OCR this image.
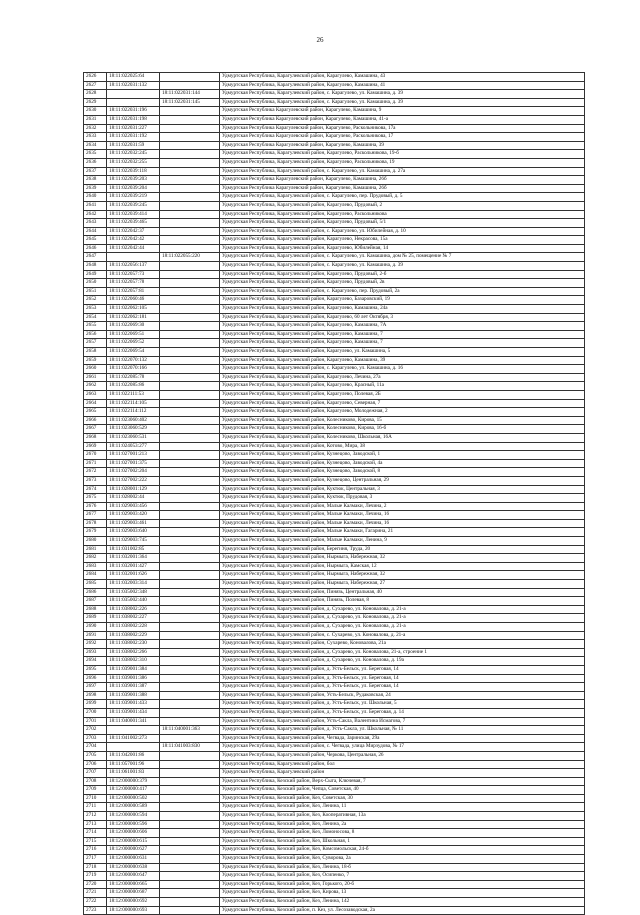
26
2626	18:11:022025:64		Удмуртская Республика, Карагулевский район, Карагулево, Камашина, 43
2627	18:11:022031:132		Удмуртская Республика, Карагулевский район, Карагулево, Камашина, 41
2628		18:11:022031:144	Удмуртская Республика, Карагулевский район, с. Карагулево, ул. Камашина, д. 39
2629		18:11:022031:145	Удмуртская Республика, Карагулевский район, с. Карагулево, ул. Камашина, д. 39
2630	18:11:022031:196		Удмуртская Республика Карагулевский район, Карагулево, Камашина, 9
2631	18:11:022031:198		Удмуртская Республика Карагулевский район, Карагулево, Камашина, 41-а
2632	18:11:022031:227		Удмуртская Республика Карагулевский район, Карагулево, Раскольникова, 17а
2633	18:11:022031:192		Удмуртская Республика Карагулевский район, Карагулево, Раскольникова, 17
2634	18:11:022031:59		Удмуртская Республика Карагулевский район, Карагулево, Камашина, 39
2635	18:11:022032:245		Удмуртская Республика, Карагулевский район, Карагулево, Раскольникова, 19-б
2636	18:11:022032:255		Удмуртская Республика, Карагулевский район, Карагулево, Раскольникова, 19
2637	18:11:022039:118		Удмуртская Республика, Карагулевский район, с. Карагулево, ул. Камашина, д. 27а
2638	18:11:022039:203		Удмуртская Республика Карагулевский район, Карагулево, Камашина, 26б
2639	18:11:022039:204		Удмуртская Республика Карагулевский район, Карагулево, Камашина, 26б
2640	18:11:022039:219		Удмуртская Республика, Карагулевский район, с. Карагулево, пер. Прудовый, д. 5
2641	18:11:022039:245		Удмуртская Республика, Карагулевский район, Карагулево, Прудовый, 2
2642	18:11:022039:414		Удмуртская Республика, Карагулевский район, Карагулево, Раскольникова
2643	18:11:022039:465		Удмуртская Республика, Карагулевский район, Карагулево, Прудовый, 5/1
2644	18:11:022042:37		Удмуртская Республика, Карагулевский район, с. Карагулево, ул. Юбилейная, д. 10
2645	18:11:022042:42		Удмуртская Республика, Карагулевский район, Карагулево, Некрасова, 15а
2646	18:11:022042:44		Удмуртская Республика, Карагулевский район, Карагулево, Юбилейная, 14
2647		18:11:022055:220	Удмуртская Республика, Карагулевский район, с. Карагулево, ул. Камашина, дом № 25, помещение № 7
2648	18:11:022056:137		Удмуртская Республика, Карагулевский район, с. Карагулево, ул. Камашина, д. 39
2649	18:11:022057:73		Удмуртская Республика, Карагулевский район, Карагулево, Прудовый, 2-б
2650	18:11:022057:78		Удмуртская Республика, Карагулевский район, Карагулево, Прудовый, 2в
2651	18:11:022057:81		Удмуртская Республика, Карагулевский район, с. Карагулево, пер. Прудовый, 2а
2652	18:11:022060:46		Удмуртская Республика, Карагулевский район, Карагулево, Базаровский, 19
2653	18:11:022062:105		Удмуртская Республика, Карагулевский район, Карагулево, Камашина, 24а
2654	18:11:022062:181		Удмуртская Республика, Карагулевский район, Карагулево, 60 лет Октября, 3
2655	18:11:022069:30		Удмуртская Республика, Карагулевский район, Карагулево, Камашина, 7А
2656	18:11:022069:51		Удмуртская Республика, Карагулевский район, Карагулево, Камашина, 7
2657	18:11:022069:52		Удмуртская Республика, Карагулевский район, Карагулево, Камашина, 7
2658	18:11:022069:54		Удмуртская Республика, Карагулевский район, Карагулево, ул. Камашина, 5
2659	18:11:022070:132		Удмуртская Республика, Карагулевский район, Карагулево, Камашина, 39
2660	18:11:022070:166		Удмуртская Республика, Карагулевский район, с. Карагулево, ул. Камашина, д. 16
2661	18:11:022085:78		Удмуртская Республика, Карагулевский район, Карагулево, Лечина, 27а
2662	18:11:022085:86		Удмуртская Республика, Карагулевский район, Карагулево, Красный, 11а
2663	18:11:022111:53		Удмуртская Республика, Карагулевский район, Карагулево, Полевая, 2Б
2664	18:11:022114:105		Удмуртская Республика, Карагулевский район, Карагулево, Северная, 7
2665	18:11:022114:112		Удмуртская Республика, Карагулевский район, Карагулево, Молодежная, 2
2666	18:11:023060:402		Удмуртская Республика, Карагулевский район, Колесниково, Кирова, 15
2667	18:11:023060:529		Удмуртская Республика, Карагулевский район, Колесниково, Кирова, 16-б
2668	18:11:023060:531		Удмуртская Республика, Карагулевский район, Колесниково, Школьная, 16А
2669	18:11:024053:277		Удмуртская Республика, Карагулевский район, Котово, Мира, 38
2670	18:11:027001:213		Удмуртская Республика, Карагулевский район, Кузнецово, Заводской, 1
2671	18:11:027001:375		Удмуртская Республика, Карагулевский район, Кузнецово, Заводской, 4а
2672	18:11:027002:204		Удмуртская Республика, Карагулевский район, Кузнецово, Заводской, 8
2673	18:11:027002:222		Удмуртская Республика, Карагулевский район, Кузнецово, Центральная, 29
2674	18:11:028001:129		Удмуртская Республика, Карагулевский район, Куктюк, Центральная, 3
2675	18:11:028002:44		Удмуртская Республика, Карагулевский район, Куктюк, Прудовая, 3
2676	18:11:029003:456		Удмуртская Республика, Карагулевский район, Малые Калмаки, Лечина, 2
2677	18:11:029003:420		Удмуртская Республика, Карагулевский район, Малые Калмаки, Лечина, 16
2678	18:11:029003:461		Удмуртская Республика, Карагулевский район, Малые Калмаки, Лечина, 16
2679	18:11:029003:640		Удмуртская Республика, Карагулевский район, Малые Калмаки, Гагарина, 21
2680	18:11:029003:745		Удмуртская Республика, Карагулевский район, Малые Калмаки, Ленина, 9
2681	18:11:031002:85		Удмуртская Республика, Карагулевский район, Берегиня, Труда, 20
2682	18:11:032001:364		Удмуртская Республика, Карагулевский район, Нырмыга, Набережная, 32
2683	18:11:032001:427		Удмуртская Республика, Карагулевский район, Нырмыга, Камская, 12
2684	18:11:032001:626		Удмуртская Республика, Карагулевский район, Нырмыга, Набережная, 32
2685	18:11:032003:314		Удмуртская Республика, Карагулевский район, Нырмыга, Набережная, 27
2686	18:11:035002:348		Удмуртская Республика, Карагулевский район, Пинязь, Центральная, 40
2687	18:11:035002:440		Удмуртская Республика, Карагулевский район, Пинязь, Полевая, 8
2688	18:11:038002:226		Удмуртская Республика, Карагулевский район, д. Сухарево, ул. Коновалова, д. 21-а
2689	18:11:038002:227		Удмуртская Республика, Карагулевский район, д. Сухарево, ул. Коновалова, д. 21-а
2690	18:11:038002:228		Удмуртская Республика, Карагулевский район, д. Сухарево, ул. Коновалова, д. 21-а
2691	18:11:038002:229		Удмуртская Республика, Карагулевский район, с. Сухарево, ул. Коновалова, д. 21-а
2692	18:11:038002:230		Удмуртская Республика, Карагулевский район, Сухарево, Коновалова, 21а
2693	18:11:038002:266		Удмуртская Республика, Карагулевский район, д. Сухарево, ул. Коновалова, 21-а, строение 1
2694	18:11:038002:310		Удмуртская Республика, Карагулевский район, д. Сухарево, ул. Коновалова, д. 19а
2695	18:11:039001:384		Удмуртская Республика, Карагулевский район, д. Усть-Бельск, ул. Береговая, 14
2696	18:11:039001:386		Удмуртская Республика, Карагулевский район, д. Усть-Бельск, ул. Береговая, 14
2697	18:11:039001:387		Удмуртская Республика, Карагулевский район, д. Усть-Бельск, ул. Береговая, 14
2698	18:11:039001:388		Удмуртская Республика, Карагулевский район, Усть-Бельск, Рудаковская, 24
2699	18:11:039001:433		Удмуртская Республика, Карагулевский район, д. Усть-Бельск, ул. Школьная, 5
2700	18:11:039001:434		Удмуртская Республика, Карагулевский район, д. Усть-Бельск, ул. Береговая, д. 14
2701	18:11:040001:341		Удмуртская Республика, Карагулевский район, Усть-Сакла, Валентина Исмагова, 7
2702		18:11:040001:363	Удмуртская Республика, Карагулевский район, д. Усть-Сакла, ул. Школьная, № 11
2703	18:11:041002:273		Удмуртская Республика, Карагулевский район, Чегвада, Заринская, 29а
2704		18:11:041003:830	Удмуртская Республика, Карагулевский район, с. Чегвада, улица Мирзудова, № 17
2705	18:11:042001:86		Удмуртская Республика, Карагулевский район, Черкова, Центральная, 26
2706	18:11:057001:96		Удмуртская Республика, Карагулевский район, бол
2707	18:11:061001:83		Удмуртская Республика, Карагулевский район
2708	18:12:000000:379		Удмуртская Республика, Кезский район, Верх-Сыга, Ключевая, 7
2709	18:12:000000:417		Удмуртская Республика, Кезский район, Чепца, Советская, 40
2710	18:12:000000:502		Удмуртская Республика, Кезский район, Кез, Советская, 30
2711	18:12:000000:589		Удмуртская Республика, Кезский район, Кез, Ленина, 11
2712	18:12:000000:594		Удмуртская Республика, Кезский район, Кез, Кооперативная, 13а
2713	18:12:000000:596		Удмуртская Республика, Кезский район, Кез, Ленина, 2а
2714	18:12:000000:606		Удмуртская Республика, Кезский район, Кез, Ломоносова, 8
2715	18:12:000000:615		Удмуртская Республика, Кезский район, Кез, Школьная, 1
2716	18:12:000000:627		Удмуртская Республика, Кезский район, Кез, Комсомольская, 24-б
2717	18:12:000000:631		Удмуртская Республика, Кезский район, Кез, Суворова, 2а
2718	18:12:000000:638		Удмуртская Республика, Кезский район, Кез, Ленина, 18-б
2719	18:12:000000:647		Удмуртская Республика, Кезский район, Кез, Осипенко, 7
2720	18:12:000000:665		Удмуртская Республика, Кезский район, Кез, Горького, 20-б
2721	18:12:000000:687		Удмуртская Республика, Кезский район, Кез, Кирова, 13
2722	18:12:000000:692		Удмуртская Республика, Кезский район, Кез, Ленина, 142
2723	18:12:000000:693		Удмуртская Республика, Кезский район, п. Кез, ул. Лесозаводская, 2а
